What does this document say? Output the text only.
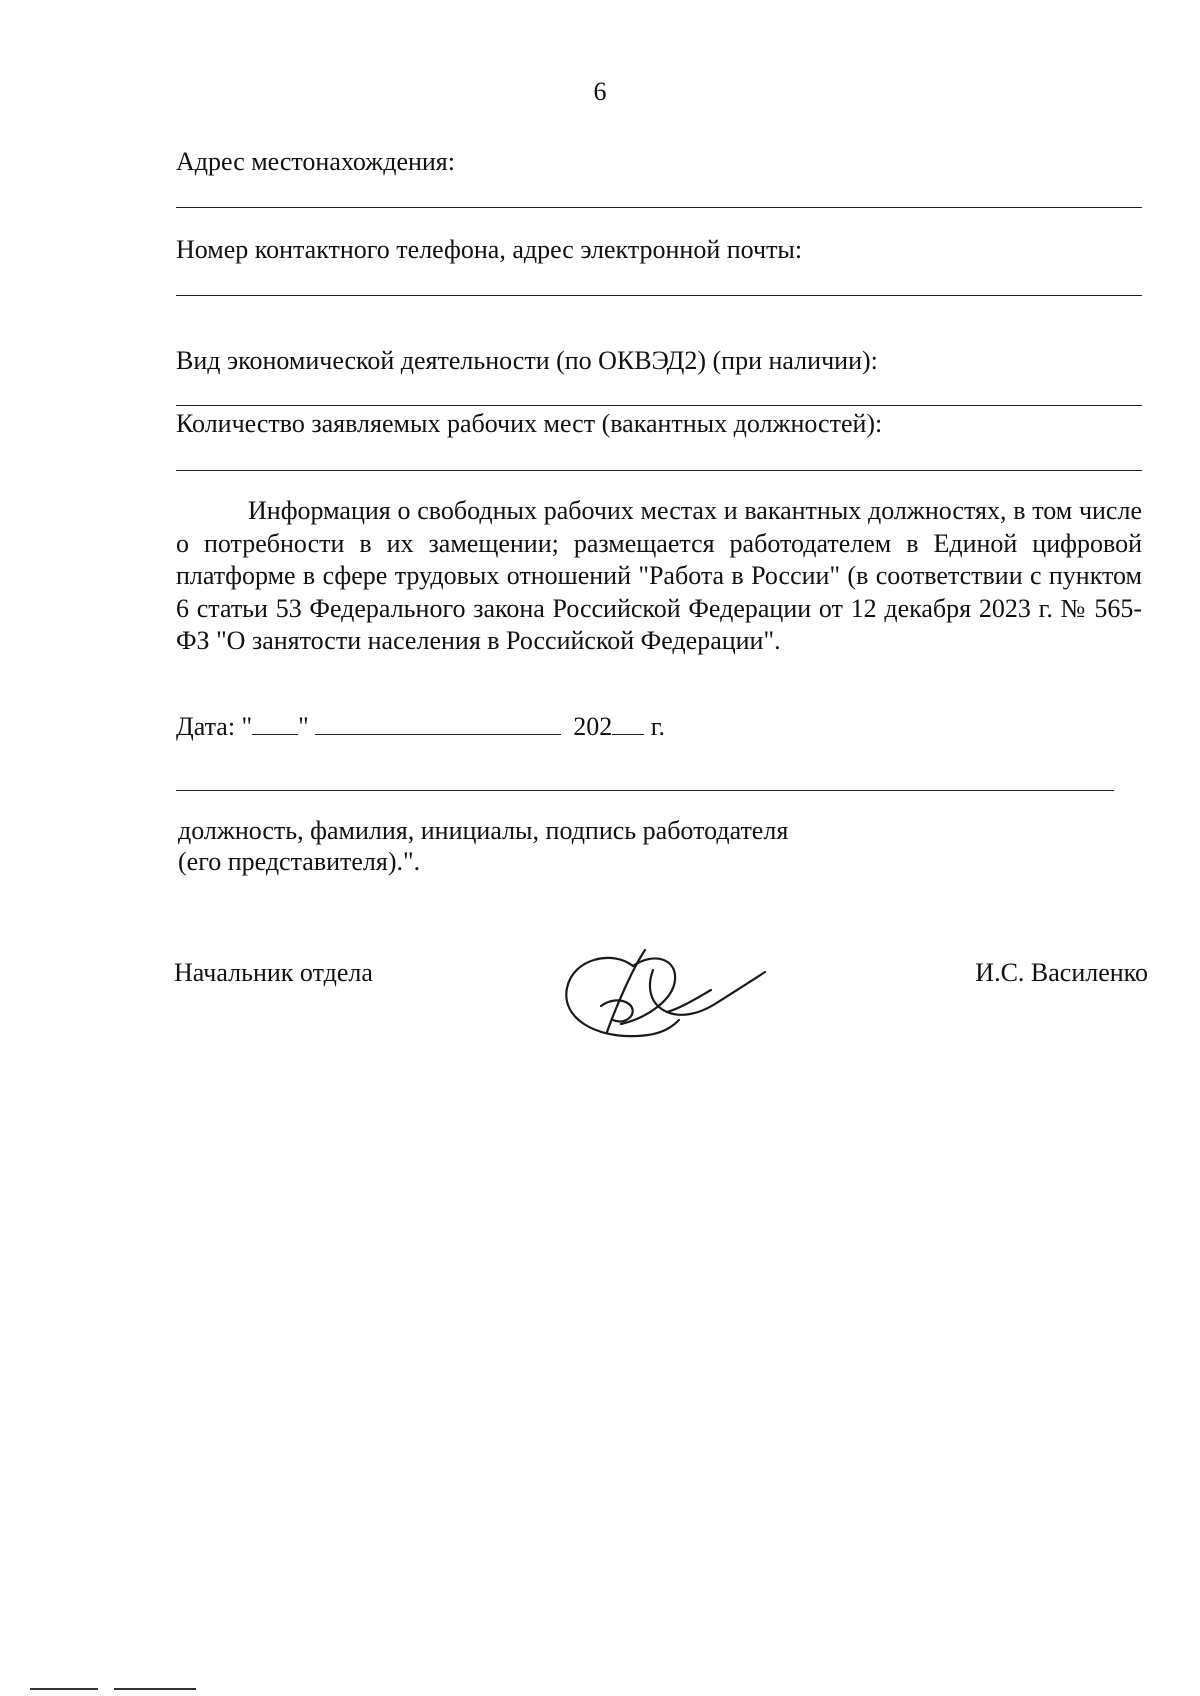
6
Адрес местонахождения:
Номер контактного телефона, адрес электронной почты:
Вид экономической деятельности (по ОКВЭД2) (при наличии):
Количество заявляемых рабочих мест (вакантных должностей):
Информация о свободных рабочих местах и вакантных должностях, в том числе о потребности в их замещении; размещается работодателем в Единой цифровой платформе в сфере трудовых отношений "Работа в России" (в соответствии с пунктом 6 статьи 53 Федерального закона Российской Федерации от 12 декабря 2023 г. № 565-ФЗ "О занятости населения в Российской Федерации".
Дата: " "	202 г.
должность, фамилия, инициалы, подпись работодателя
(его представителя).".
Начальник отдела	И.С. Василенко
